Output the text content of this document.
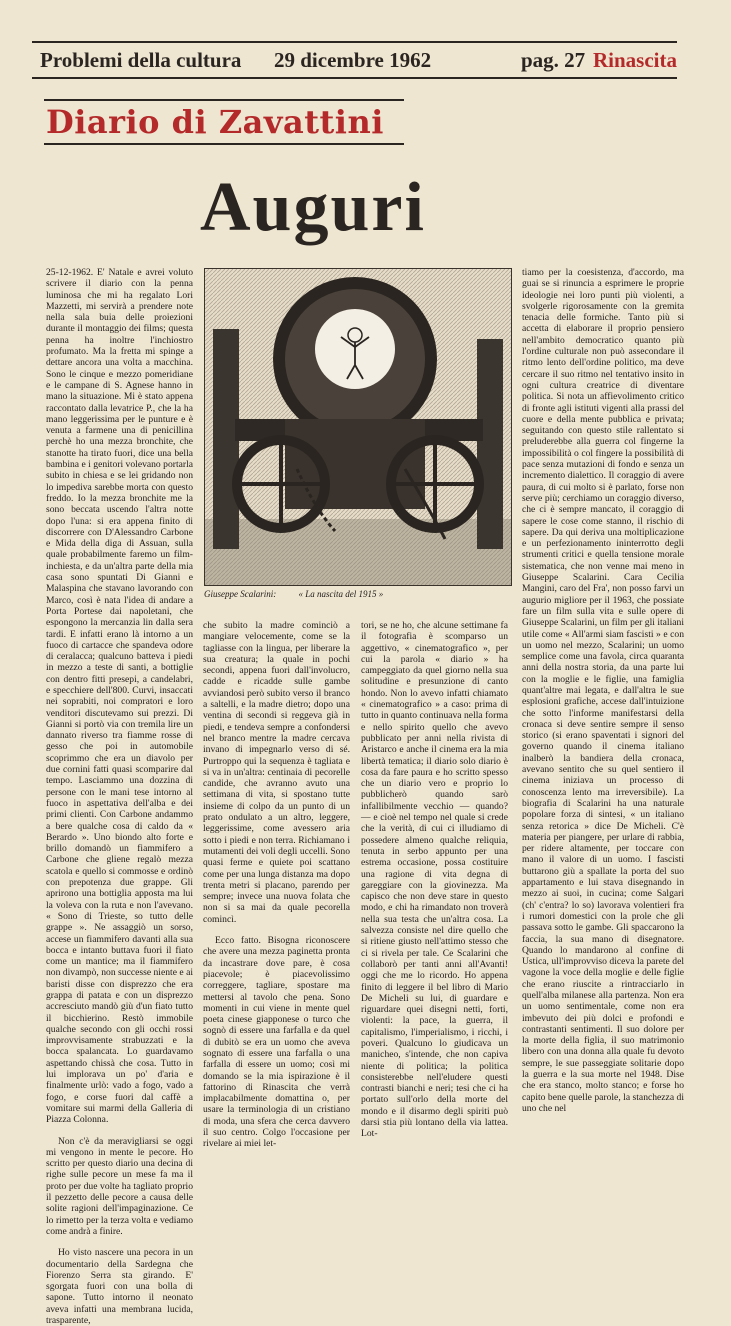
Problemi della cultura 29 dicembre 1962	pag. 27 Rinascita
Diario di Zavattini
Auguri

25-12-1962. E' Natale e avrei voluto scrivere il diario con la penna luminosa che mi ha regalato Lori Mazzetti, mi servirà a prendere note nella sala buia delle proiezioni durante il montaggio dei films; questa penna ha inoltre l'inchiostro profumato. Ma la fretta mi spinge a dettare ancora una volta a macchina. Sono le cinque e mezzo pomeridiane e le campane di S. Agnese hanno in mano la situazione. Mi è stato appena raccontato dalla levatrice P., che la ha mano leggerissima per le punture e è venuta a farmene una di penicillina perchè ho una mezza bronchite, che stanotte ha tirato fuori, dice una bella bambina e i genitori volevano portarla subito in chiesa e se lei gridando non lo impediva sarebbe morta con questo freddo. Io la mezza bronchite me la sono beccata uscendo l'altra notte dopo l'una: si era appena finito di discorrere con D'Alessandro Carbone e Mida della diga di Assuan, sulla quale probabilmente faremo un film-inchiesta, e da un'altra parte della mia casa sono spuntati Di Gianni e Malaspina che stavano lavorando con Marco, così è nata l'idea di andare a Porta Portese dai napoletani, che espongono la mercanzia lin dalla sera tardi. E infatti erano là intorno a un fuoco di cartacce che spandeva odore di ceralacca; qualcuno batteva i piedi in mezzo a teste di santi, a bottiglie con dentro fitti presepi, a candelabri, e specchiere dell'800. Curvi, insaccati nei soprabiti, noi compratori e loro venditori discutevamo sui prezzi. Di Gianni si portò via con tremila lire un dannato riverso tra fiamme rosse di gesso che poi in automobile scoprimmo che era un diavolo per due cornini fatti quasi scomparire dal tempo. Lasciammo una dozzina di persone con le mani tese intorno al fuoco in aspettativa dell'alba e dei primi clienti. Con Carbone andammo a bere qualche cosa di caldo da « Berardo ». Uno biondo alto forte e brillo domandò un fiammifero a Carbone che gliene regalò mezza scatola e quello si commosse e ordinò con prepotenza due grappe. Gli aprirono una bottiglia apposta ma lui la voleva con la ruta e non l'avevano. « Sono di Trieste, so tutto delle grappe ». Ne assaggiò un sorso, accese un fiammifero davanti alla sua bocca e intanto buttava fuori il fiato come un mantice; ma il fiammifero non divampò, non successe niente e ai baristi disse con disprezzo che era grappa di patata e con un disprezzo accresciuto mandò giù d'un fiato tutto il bicchierino. Restò immobile qualche secondo con gli occhi rossi improvvisamente strabuzzati e la bocca spalancata. Lo guardavamo aspettando chissà che cosa. Tutto in lui imploravа un po' d'aria e finalmente urlò: vado a fogo, vado a fogo, e corse fuori dal caffè a vomitare sui marmi della Galleria di Piazza Colonna.

Non c'è da meravigliarsi se oggi mi vengono in mente le pecore. Ho scritto per questo diario una decina di righe sulle pecore un mese fa ma il proto per due volte ha tagliato proprio il pezzetto delle pecore a causa delle solite ragioni dell'impaginazione. Ce lo rimetto per la terza volta e vediamo come andrà a finire.

Ho visto nascere una pecora in un documentario della Sardegna che Fiorenzo Serra sta girando. E' sgorgata fuori con una bolla di sapone. Tutto intorno il neonato aveva infatti una membrana lucida, trasparente,

Giuseppe Scalarini: « La nascita del 1915 »

che subito la madre cominciò a mangiare velocemente, come se la tagliasse con la lingua, per liberare la sua creatura; la quale in pochi secondi, appena fuori dall'involucro, cadde e ricadde sulle gambe avviandosi però subito verso il branco a saltelli, e la madre dietro; dopo una ventina di secondi si reggeva già in piedi, e tendeva sempre a confondersi nel branco mentre la madre cercava invano di impegnarlo verso di sé. Purtroppo qui la sequenza è tagliata e si va in un'altra: centinaia di pecorelle candide, che avranno avuto una settimana di vita, si spostano tutte insieme di colpo da un punto di un prato ondulato a un altro, leggere, leggerissime, come avessero aria sotto i piedi e non terra. Richiamano i mutamenti dei voli degli uccelli. Sono quasi ferme e quiete poi scattano come per una lunga distanza ma dopo trenta metri si placano, pareпdo per sempre; invece una nuova folata che non si sa mai da quale pecorella comincì.

Ecco fatto. Bisogna riconoscere che avere una mezza paginetta pronta da incastrare dove pare, è cosa piacevole; è piacevolissimo correggere, tagliare, spostare ma mettersi al tavolo che pena. Sono momenti in cui viene in mente quel poeta cinese giapponese o turco che sognò di essere una farfalla e da quel dì dubitò se era un uomo che aveva sognato di essere una farfalla o una farfalla di essere un uomo; così mi domando se la mia ispirazione è il fattorino di Rinascita che verrà implacabilmente domattina o, per usare la terminologia di un cristiano di moda, una sfera che cerca davvero il suo centro. Colgo l'occasione per rivelare ai miei let-

tori, se ne ho, che alcune settimane fa il fotografia è scomparso un aggettivo, « cinematografico », per cui la parola « diario » ha campeggiato da quel giorno nella sua solitudine e presunzione di canto hondo. Non lo avevo infatti chiamato « cinematografico » a caso: prima di tutto in quanto continuava nella forma e nello spirito quello che avevo pubblicato per anni nella rivista di Aristarco e anche il cinema era la mia libertà tematica; il diario solo diario è cosa da fare paura e ho scritto spesso che un diario vero e proprio lo pubblicherò quando sarò infallibilmente vecchio — quando? — e cioè nel tempo nel quale si crede che la verità, di cui ci illudiamo di possedere almeno qualche reliquia, tenuta in serbo appunto per una estrema occasione, possa costituire una ragione di vita degna di gareggiare con la giovinezza. Ma capisco che non deve stare in questo modo, e chi ha rimandato non troverà nella sua testa che un'altra cosa. La salvezza consiste nel dire quello che si ritiene giusto nell'attimo stesso che ci si rivela per tale. Ce Scalarini che collaborò per tanti anni all'Avanti! oggi che me lo ricordo. Ho appena finito di leggere il bel libro di Mario De Micheli su lui, di guardare e riguardare quei disegni netti, forti, violenti: la pace, la guerra, il capitalismo, l'imperialismo, i ricchi, i poveri. Qualcuno lo giudicava un manicheo, s'intende, che non capiva niente di politica; la politica consisterebbe nell'eludere questi contrasti bianchi e neri; tesi che ci ha portato sull'orlo della morte del mondo e il disarmo degli spiriti può darsi stia più lontano della via lattea. Lot-

tiamo per la coesistenza, d'accordo, ma guai se si rinuncia a esprimere le proprie ideologie nei loro punti più violenti, a svolgerle rigorosamente con la gremita tenacia delle formiche. Tanto più si accetta di elaborare il proprio pensiero nell'ambito democratico quanto più l'ordine culturale non può assecondare il ritmo lento dell'ordine politico, ma deve cercare il suo ritmo nel tentativo insito in ogni cultura creatrice di diventare politica. Si nota un affievolimento critico di fronte agli istituti vigenti alla prassi del cuore e della mente pubblica e privata; seguitando con questo stile rallentato si preluderebbe alla guerra col fingerne la impossibilità o col fingere la possibilità di pace senza mutazioni di fondo e senza un incremento dialettico. Il coraggio di avere paura, di cui molto si è parlato, forse non serve più; cerchiamo un coraggio diverso, che ci è sempre mancato, il coraggio di sapere le cose come stanno, il rischio di sapere. Da qui deriva una moltiplicazione e un perfezionamento ininterrotto degli strumenti critici e quella tensione morale sistematica, che non venne mai meno in Giuseppe Scalarini. Cara Cecilia Mangini, caro del Fra', non posso farvi un augurio migliore per il 1963, che possiate fare un film sulla vita e sulle opere di Giuseppe Scalarini, un film per gli italiani utile come « All'armi siam fascisti » e con un uomo nel mezzo, Scalarini; un uomo semplice come una favola, circa quaranta anni della nostra storia, da una parte lui con la moglie e le figlie, una famiglia quant'altre mai legata, e dall'altra le sue esplosioni grafiche, accese dall'intuizione che sotto l'informe manifestarsi della cronaca si deve sentire sempre il senso storico (si erano spaventati i signori del governo quando il cinema italiano inalberò la bandiera della cronaca, avevano sentito che su quel sentiero il cinema iniziava un processo di conoscenza lento ma irreversibile). La biografia di Scalarini ha una naturale popolare forza di sintesi, « un italiano senza retorica » dice De Micheli. C'è materia per piangere, per urlare di rabbia, per ridere altamente, per toccare con mano il valore di un uomo. I fascisti buttarono giù a spallate la porta del suo appartamento e lui stava disegnando in mezzo ai suoi, in cucina; come Salgari (ch' c'entra? lo so) lavorava volentieri fra i rumori domestici con la prole che gli passava sotto le gambe. Gli spaccarono la faccia, la sua mano di disegnatore. Quando lo mandarono al confine di Ustica, ull'improvviso diceva la parete del vagone la voce della moglie e delle figlie che erano riuscite a rintracciarlo in quell'alba milanese alla partenza. Non era un uomo sentimentale, come non era imbevuto dei più dolci e profondi e contrastanti sentimenti. Il suo dolore per la morte della figlia, il suo matrimonio libero con una donna alla quale fu devoto sempre, le sue passeggiate solitarie dopo la guerra e la sua morte nel 1948. Dise che era stanco, molto stanco; e forse ho capito bene quelle parole, la stanchezza di uno che nel
